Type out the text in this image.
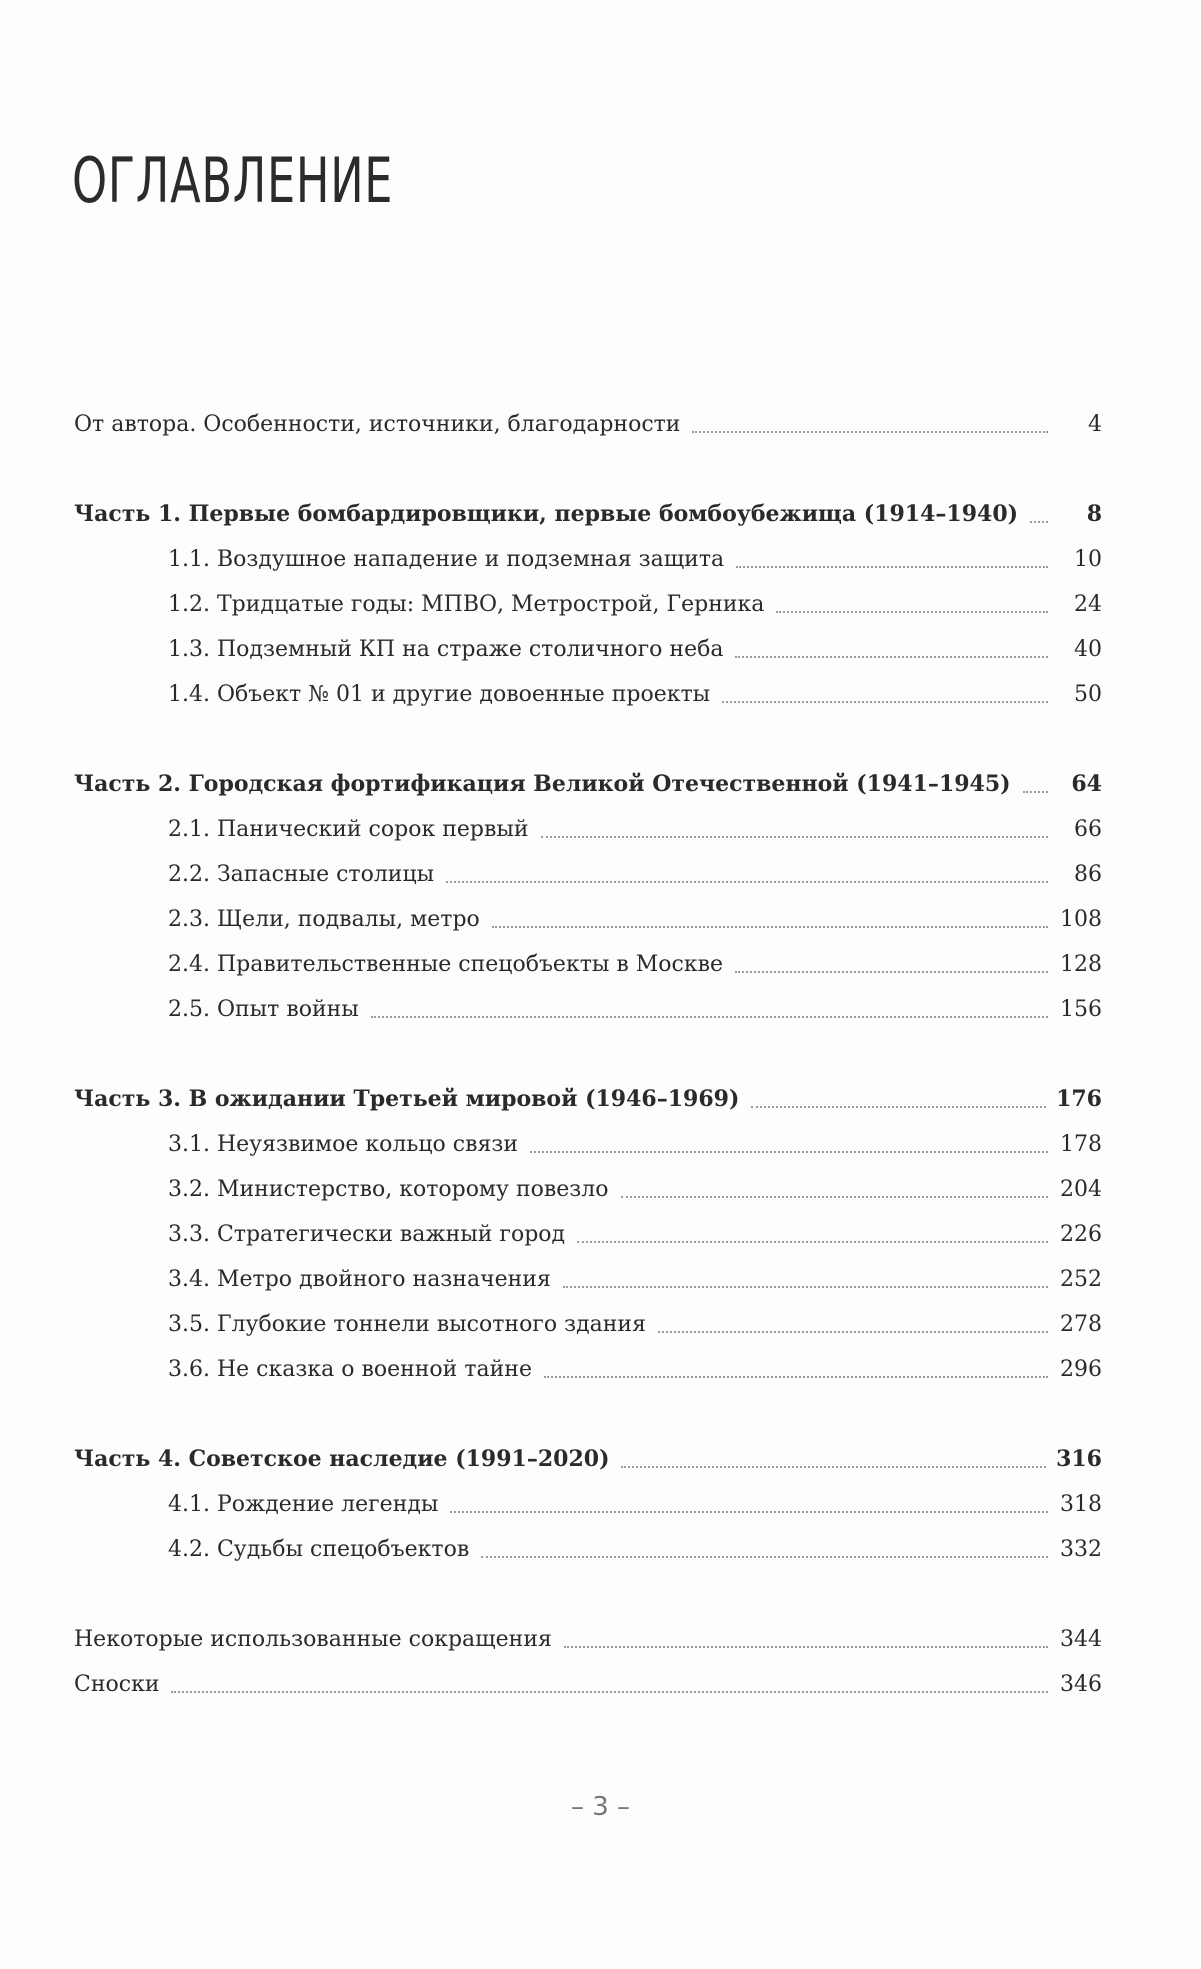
ОГЛАВЛЕНИЕ
От автора. Особенности, источники, благодарности	4
Часть 1. Первые бомбардировщики, первые бомбоубежища (1914–1940)	8
1.1. Воздушное нападение и подземная защита	10
1.2. Тридцатые годы: МПВО, Метрострой, Герника	24
1.3. Подземный КП на страже столичного неба	40
1.4. Объект № 01 и другие довоенные проекты	50
Часть 2. Городская фортификация Великой Отечественной (1941–1945)	64
2.1. Панический сорок первый	66
2.2. Запасные столицы	86
2.3. Щели, подвалы, метро	108
2.4. Правительственные спецобъекты в Москве	128
2.5. Опыт войны	156
Часть 3. В ожидании Третьей мировой (1946–1969)	176
3.1. Неуязвимое кольцо связи	178
3.2. Министерство, которому повезло	204
3.3. Стратегически важный город	226
3.4. Метро двойного назначения	252
3.5. Глубокие тоннели высотного здания	278
3.6. Не сказка о военной тайне	296
Часть 4. Советское наследие (1991–2020)	316
4.1. Рождение легенды	318
4.2. Судьбы спецобъектов	332
Некоторые использованные сокращения	344
Сноски	346
– 3 –
